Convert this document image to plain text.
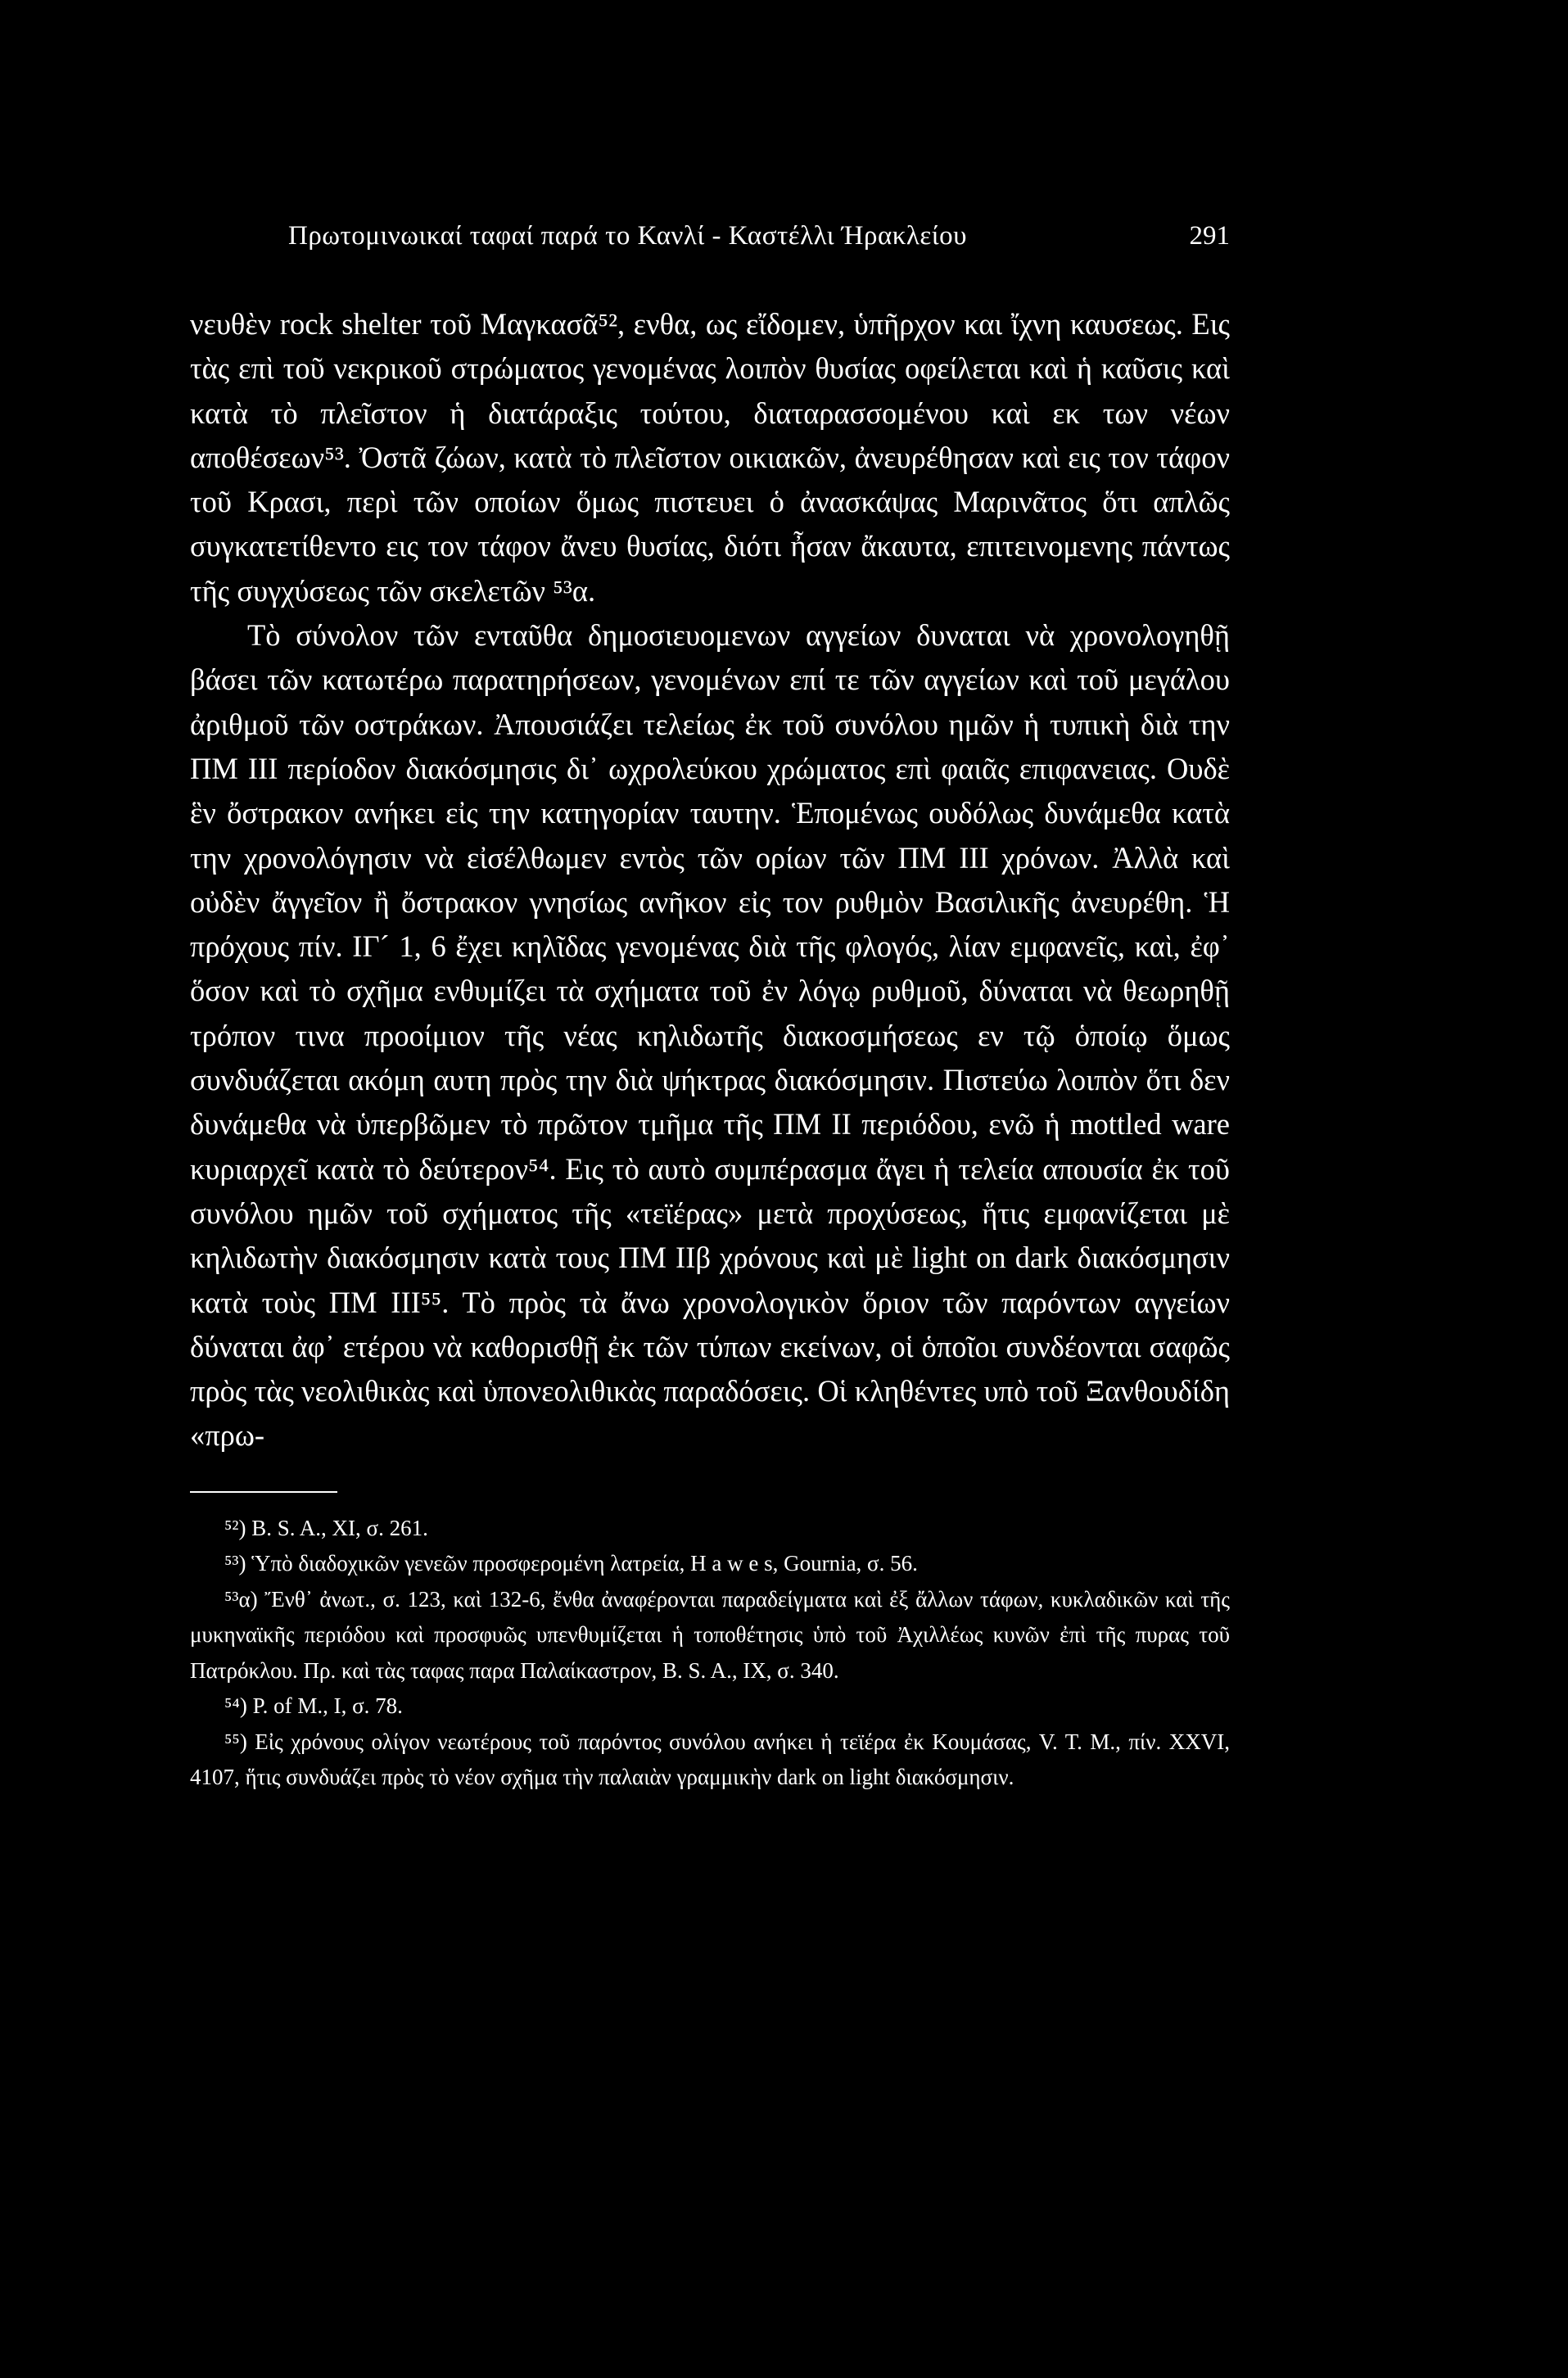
Πρωτομινωικαί ταφαί παρά το Κανλί - Καστέλλι Ήρακλείου	291

νευθὲν rock shelter τοῦ Μαγκασᾶ⁵², ενθα, ως εἴδομεν, ὑπῆρχον και ἴχνη καυσεως. Εις τὰς επὶ τοῦ νεκρικοῦ στρώματος γενομένας λοιπὸν θυσίας οφείλεται καὶ ἡ καῦσις καὶ κατὰ τὸ πλεῖστον ἡ διατάραξις τούτου, διαταρασσομένου καὶ εκ των νέων αποθέσεων⁵³. Ὀστᾶ ζώων, κατὰ τὸ πλεῖστον οικιακῶν, ἀνευρέθησαν καὶ εις τον τάφον τοῦ Κρασι, περὶ τῶν οποίων ὅμως πιστευει ὁ ἀνασκάψας Μαρινᾶτος ὅτι απλῶς συγκατετίθεντο εις τον τάφον ἄνευ θυσίας, διότι ἦσαν ἄκαυτα, επιτεινομενης πάντως τῆς συγχύσεως τῶν σκελετῶν ⁵³α.

Τὸ σύνολον τῶν ενταῦθα δημοσιευομενων αγγείων δυναται νὰ χρονολογηθῇ βάσει τῶν κατωτέρω παρατηρήσεων, γενομένων επί τε τῶν αγγείων καὶ τοῦ μεγάλου ἀριθμοῦ τῶν οστράκων. Ἀπουσιάζει τελείως ἐκ τοῦ συνόλου ημῶν ἡ τυπικὴ διὰ την ΠΜ ΙΙΙ περίοδον διακόσμησις δι᾽ ωχρολεύκου χρώματος επὶ φαιᾶς επιφανειας. Ουδὲ ἓν ὄστρακον ανήκει εἰς την κατηγορίαν ταυτην. Ἑπομένως ουδόλως δυνάμεθα κατὰ την χρονολόγησιν νὰ εἰσέλθωμεν εντὸς τῶν ορίων τῶν ΠΜ ΙΙΙ χρόνων. Ἀλλὰ καὶ οὐδὲν ἄγγεῖον ἢ ὄστρακον γνησίως ανῆκον εἰς τον ρυθμὸν Βασιλικῆς ἀνευρέθη. Ἡ πρόχους πίν. ΙΓ´ 1, 6 ἔχει κηλῖδας γενομένας διὰ τῆς φλογός, λίαν εμφανεῖς, καὶ, ἐφ᾽ ὅσον καὶ τὸ σχῆμα ενθυμίζει τὰ σχήματα τοῦ ἐν λόγῳ ρυθμοῦ, δύναται νὰ θεωρηθῇ τρόπον τινα προοίμιον τῆς νέας κηλιδωτῆς διακοσμήσεως εν τῷ ὁποίῳ ὅμως συνδυάζεται ακόμη αυτη πρὸς την διὰ ψήκτρας διακόσμησιν. Πιστεύω λοιπὸν ὅτι δεν δυνάμεθα νὰ ὑπερβῶμεν τὸ πρῶτον τμῆμα τῆς ΠΜ ΙΙ περιόδου, ενῶ ἡ mottled ware κυριαρχεῖ κατὰ τὸ δεύτερον⁵⁴. Εις τὸ αυτὸ συμπέρασμα ἄγει ἡ τελεία απουσία ἐκ τοῦ συνόλου ημῶν τοῦ σχήματος τῆς «τεϊέρας» μετὰ προχύσεως, ἥτις εμφανίζεται μὲ κηλιδωτὴν διακόσμησιν κατὰ τους ΠΜ ΙΙβ χρόνους καὶ μὲ light on dark διακόσμησιν κατὰ τοὺς ΠΜ ΙΙΙ⁵⁵. Τὸ πρὸς τὰ ἄνω χρονολογικὸν ὅριον τῶν παρόντων αγγείων δύναται ἀφ᾽ ετέρου νὰ καθορισθῇ ἐκ τῶν τύπων εκείνων, οἱ ὁποῖοι συνδέονται σαφῶς πρὸς τὰς νεολιθικὰς καὶ ὑπονεολιθικὰς παραδόσεις. Οἱ κληθέντες υπὸ τοῦ Ξανθουδίδη «πρω-

⁵²) B. S. A., XI, σ. 261.

⁵³) Ὑπὸ διαδοχικῶν γενεῶν προσφερομένη λατρεία, H a w e s, Gournia, σ. 56.

⁵³α) Ἔνθ᾽ ἀνωτ., σ. 123, καὶ 132-6, ἔνθα ἀναφέρονται παραδείγματα καὶ ἐξ ἄλλων τάφων, κυκλαδικῶν καὶ τῆς μυκηναϊκῆς περιόδου καὶ προσφυῶς υπενθυμίζεται ἡ τοποθέτησις ὑπὸ τοῦ Ἀχιλλέως κυνῶν ἐπὶ τῆς πυρας τοῦ Πατρόκλου. Πρ. καὶ τὰς ταφας παρα Παλαίκαστρον, B. S. A., IX, σ. 340.

⁵⁴) P. of M., I, σ. 78.

⁵⁵) Εἰς χρόνους ολίγον νεωτέρους τοῦ παρόντος συνόλου ανήκει ἡ τεϊέρα ἐκ Κουμάσας, V. T. M., πίν. XXVI, 4107, ἥτις συνδυάζει πρὸς τὸ νέον σχῆμα τὴν παλαιὰν γραμμικὴν dark on light διακόσμησιν.
